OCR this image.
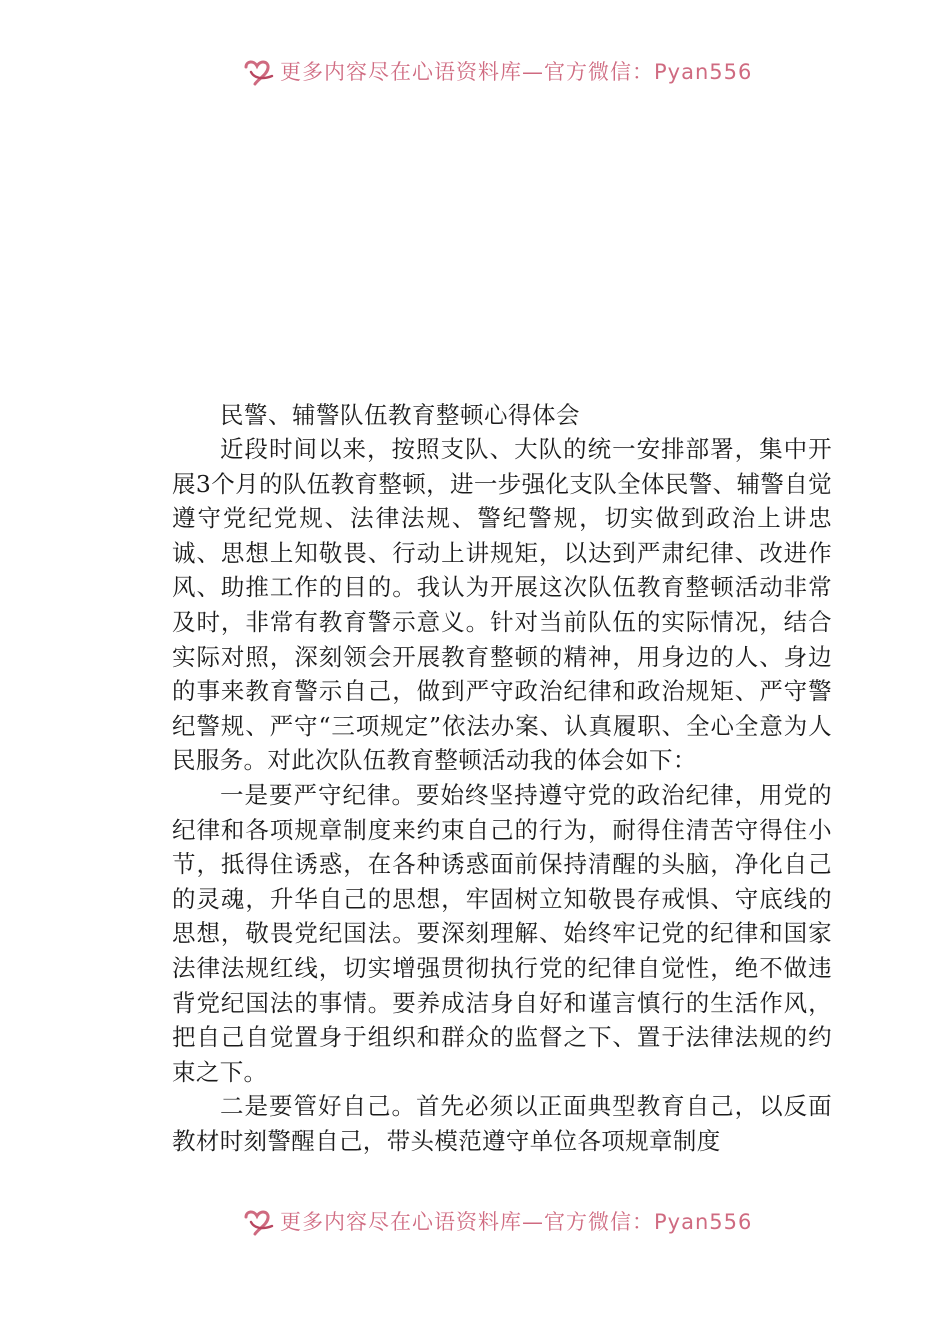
更多内容尽在心语资料库—官方微信：Pyan556
民警、辅警队伍教育整顿心得体会

近段时间以来，按照支队、大队的统一安排部署，集中开展3个月的队伍教育整顿，进一步强化支队全体民警、辅警自觉遵守党纪党规、法律法规、警纪警规，切实做到政治上讲忠诚、思想上知敬畏、行动上讲规矩，以达到严肃纪律、改进作风、助推工作的目的。我认为开展这次队伍教育整顿活动非常及时，非常有教育警示意义。针对当前队伍的实际情况，结合实际对照，深刻领会开展教育整顿的精神，用身边的人、身边的事来教育警示自己，做到严守政治纪律和政治规矩、严守警纪警规、严守“三项规定”依法办案、认真履职、全心全意为人民服务。对此次队伍教育整顿活动我的体会如下：

一是要严守纪律。要始终坚持遵守党的政治纪律，用党的纪律和各项规章制度来约束自己的行为，耐得住清苦守得住小节，抵得住诱惑，在各种诱惑面前保持清醒的头脑，净化自己的灵魂，升华自己的思想，牢固树立知敬畏存戒惧、守底线的思想，敬畏党纪国法。要深刻理解、始终牢记党的纪律和国家法律法规红线，切实增强贯彻执行党的纪律自觉性，绝不做违背党纪国法的事情。要养成洁身自好和谨言慎行的生活作风，把自己自觉置身于组织和群众的监督之下、置于法律法规的约束之下。

二是要管好自己。首先必须以正面典型教育自己，以反面教材时刻警醒自己，带头模范遵守单位各项规章制度

更多内容尽在心语资料库—官方微信：Pyan556
